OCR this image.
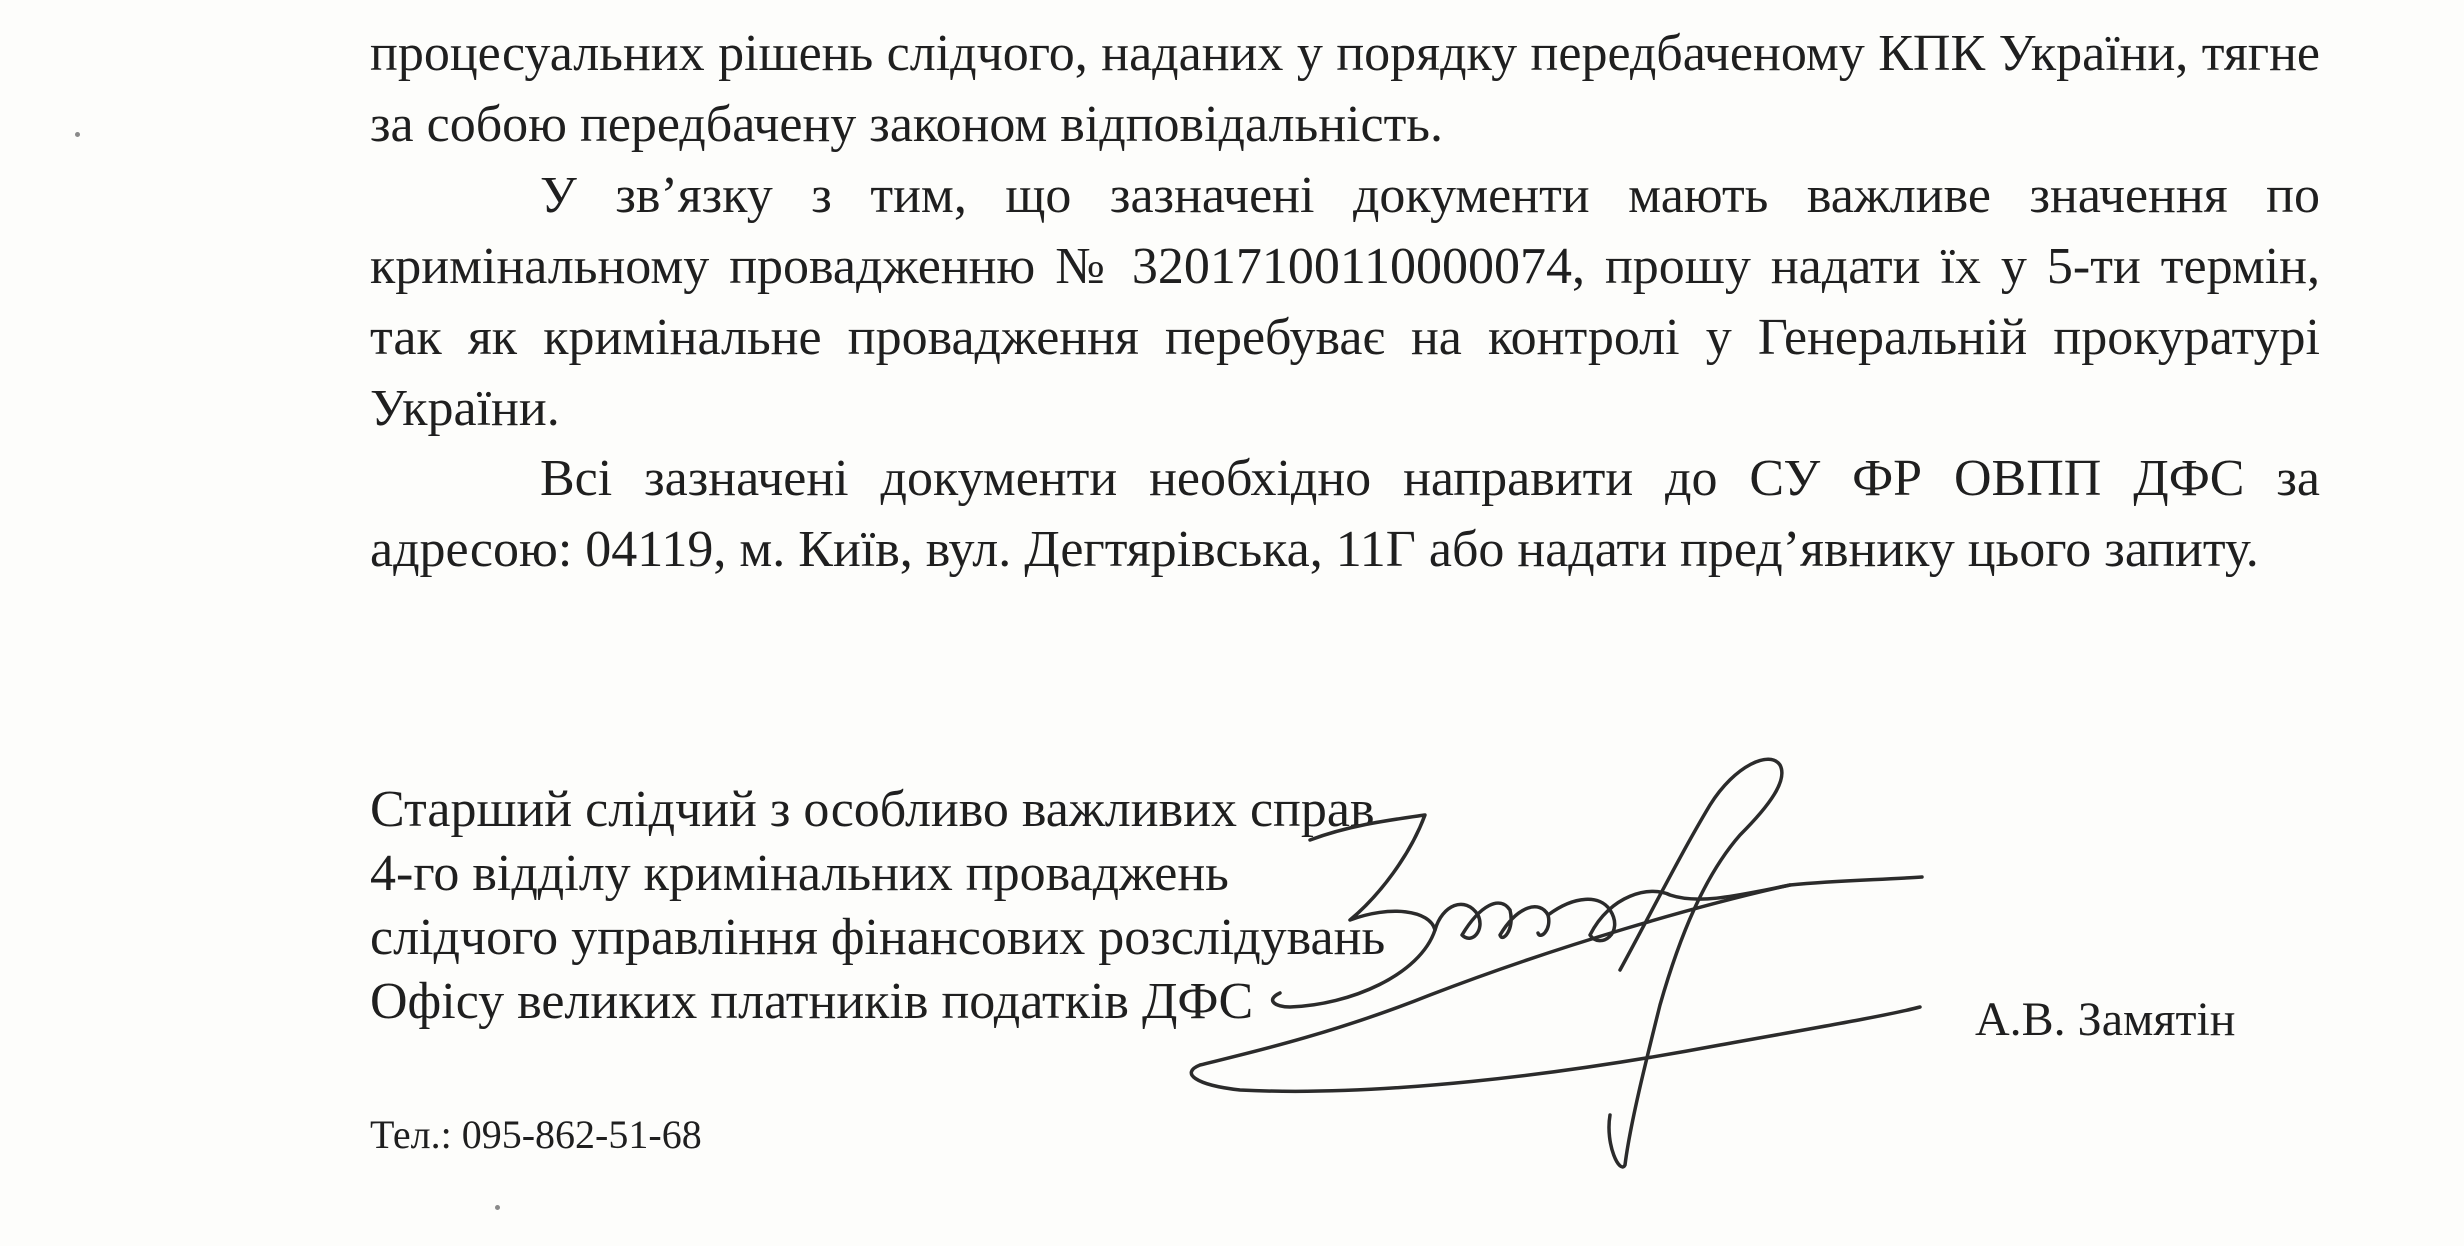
процесуальних рішень слідчого, наданих у порядку передбаченому КПК України, тягне за собою передбачену законом відповідальність.

У зв’язку з тим, що зазначені документи мають важливе значення по кримінальному провадженню № 32017100110000074, прошу надати їх у 5-ти термін, так як кримінальне провадження перебуває на контролі у Генеральній прокуратурі України.

Всі зазначені документи необхідно направити до СУ ФР ОВПП ДФС за адресою: 04119, м. Київ, вул. Дегтярівська, 11Г або надати пред’явнику цього запиту.

Старший слідчий з особливо важливих справ
4-го відділу кримінальних проваджень
слідчого управління фінансових розслідувань
Офісу великих платників податків ДФС	А.В. Замятін
Тел.: 095-862-51-68
